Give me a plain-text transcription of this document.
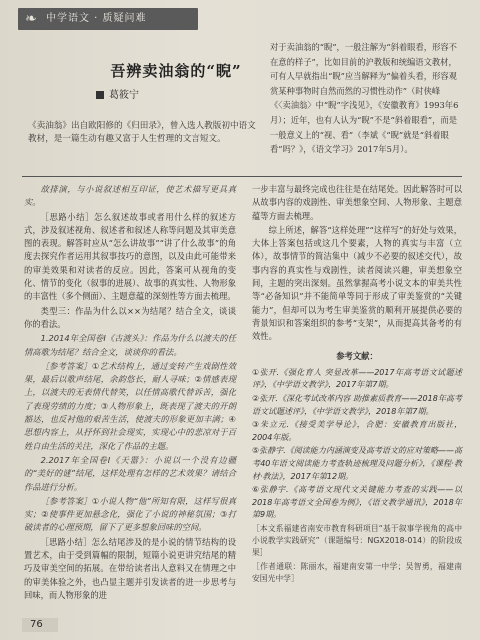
❧ 中学语文 · 质疑问难
吾辨卖油翁的“睨”
葛筱宁
《卖油翁》出自欧阳修的《归田录》，曾入选人教版初中语文教材，是一篇生动有趣又富于人生哲理的文言短文。
对于卖油翁的“睨”，一般注解为“斜着眼看，形容不在意的样子”，比如目前的沪教版和统编语文教材，可有人早就指出“睨”应当解释为“偏着头看，形容观赏某种事物时自然而然的习惯性动作”（时侠峰《〈卖油翁〉中“睨”字浅见》，《安徽教育》1993年6月）；近年，也有人认为“睨”不是“斜着眼看”，而是一般意义上的“视、看”（李斌《“睨”就是“斜着眼看”吗？》，《语文学习》2017年5月）。

故排演，与小说叙述相互印证，使艺术描写更具真实。

［思路小结］怎么叙述故事或者用什么样的叙述方式，涉及叙述视角、叙述者和叙述人称等问题及其审美意图的表现。解答时应从“怎么讲故事”“讲了什么故事”的角度去探究作者运用其叙事技巧的意图，以及由此可能带来的审美效果和对读者的反应。因此，答案可从视角的变化、情节的变化（叙事的进展）、故事的真实性、人物形象的丰富性（多个侧面）、主题意蕴的深刻性等方面去梳理。

类型三：作品为什么以××为结尾？结合全文，谈谈你的看法。

1.2014年全国卷Ⅰ《古渡头》：作品为什么以渡夫的任情高歌为结尾？结合全文，谈谈你的看法。

［参考答案］①艺术结构上，通过变转产生戏剧性效果，最后以歌声结尾，余韵悠长，耐人寻味；②情感表现上，以渡夫的无表情代替笑，以任情高歌代替诉苦，强化了表现劳绩的力度；③人物形象上，既表现了渡夫的开朗豁达，也反衬他的艰苦生活，使渡夫的形象更加丰满；④思想内容上，从抒怀到社会现实，实现心中的悲凉对于百姓自由生活的关注，深化了作品的主题。

2.2017年全国卷Ⅰ《天嚣》：小说以一个没有边疆的“美好的谜”结尾，这样处理有怎样的艺术效果？请结合作品进行分析。

［参考答案］①小说人物“他”所知有限，这样写很真实；②使事件更加悬念化，强化了小说的神秘氛围；③打破读者的心理预期，留下了更多想象回味的空间。

［思路小结］怎么结尾涉及的是小说的情节结构的设置艺术，由于受到篇幅的限制，短篇小说更讲究结尾的精巧及审美空间的拓展。在带给读者出人意料又在情理之中的审美体验之外，也凸显主题并引发读者的进一步思考与回味，而人物形象的进

一步丰富与最终完成也往往是在结尾处。因此解答时可以从故事内容的戏剧性、审美想象空间、人物形象、主题意蕴等方面去梳理。

综上所述，解答“这样处理”“这样写”的好处与效果，大体上答案包括或这几个要素，人物的真实与丰富（立体），故事情节的简洁集中（减少不必要的叙述交代），故事内容的真实性与戏剧性，读者阅读兴趣，审美想象空间，主题的突出深刻。虽然掌握高考小说文本的审美共性等“必备知识”并不能简单等同于形成了审美鉴赏的“关键能力”，但却可以为考生审美鉴赏的顺利开展提供必要的背景知识和答案组织的参考“支架”，从而提高其备考的有效性。

参考文献：

①张开.《强化育人 突显改革——2017年高考语文试题述评》，《中学语文教学》，2017年第7期。

②张开.《深化考试改革内容 助推素质教育——2018年高考语文试题述评》，《中学语文教学》，2018年第7期。

③朱立元.《接受美学导论》，合肥：安徽教育出版社，2004年版。

⑤张静宇.《阅读能力内涵演变及高考语文的应对策略——高考40年语文阅读能力考查轨迹梳理及问题分析》，《课程·教材·教法》，2017年第12期。

⑥张静宇.《高考语文现代文关键能力考查的实践——以2018年高考语文全国卷为例》，《语文教学通讯》，2018年第9期。

［本文系福建省南安市教育科研项目“基于叙事学视角的高中小说教学实践研究”（课题编号：NGX2018-014）的阶段成果］

［作者通联：陈丽水，福建南安第一中学；吴智勇，福建南安国光中学］

76
